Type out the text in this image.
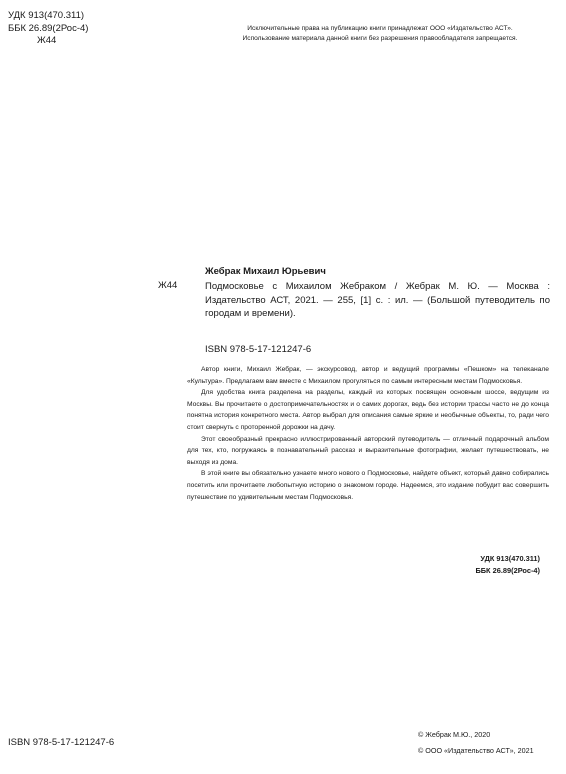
УДК 913(470.311)
ББК 26.89(2Рос-4)
Ж44
Исключительные права на публикацию книги принадлежат ООО «Издательство АСТ».
Использование материала данной книги без разрешения правообладателя запрещается.
Жебрак Михаил Юрьевич
Ж44	Подмосковье с Михаилом Жебраком / Жебрак М. Ю. — Москва : Издательство АСТ, 2021. — 255, [1] с. : ил. — (Большой путеводитель по городам и времени).
ISBN 978-5-17-121247-6

Автор книги, Михаил Жебрак, — экскурсовод, автор и ведущий программы «Пешком» на телеканале «Культура». Предлагаем вам вместе с Михаилом прогуляться по самым интересным местам Подмосковья.

Для удобства книга разделена на разделы, каждый из которых посвящен основным шоссе, ведущим из Москвы. Вы прочитаете о достопримечательностях и о самих дорогах, ведь без истории трассы часто не до конца понятна история конкретного места. Автор выбрал для описания самые яркие и необычные объекты, то, ради чего стоит свернуть с проторенной дорожки на дачу.

Этот своеобразный прекрасно иллюстрированный авторский путеводитель — отличный подарочный альбом для тех, кто, погружаясь в познавательный рассказ и выразительные фотографии, желает путешествовать, не выходя из дома.

В этой книге вы обязательно узнаете много нового о Подмосковье, найдете объект, который давно собирались посетить или прочитаете любопытную историю о знакомом городе. Надеемся, это издание побудит вас совершить путешествие по удивительным местам Подмосковья.

УДК 913(470.311)
ББК 26.89(2Рос-4)
ISBN 978-5-17-121247-6
© Жебрак М.Ю., 2020
© ООО «Издательство АСТ», 2021
